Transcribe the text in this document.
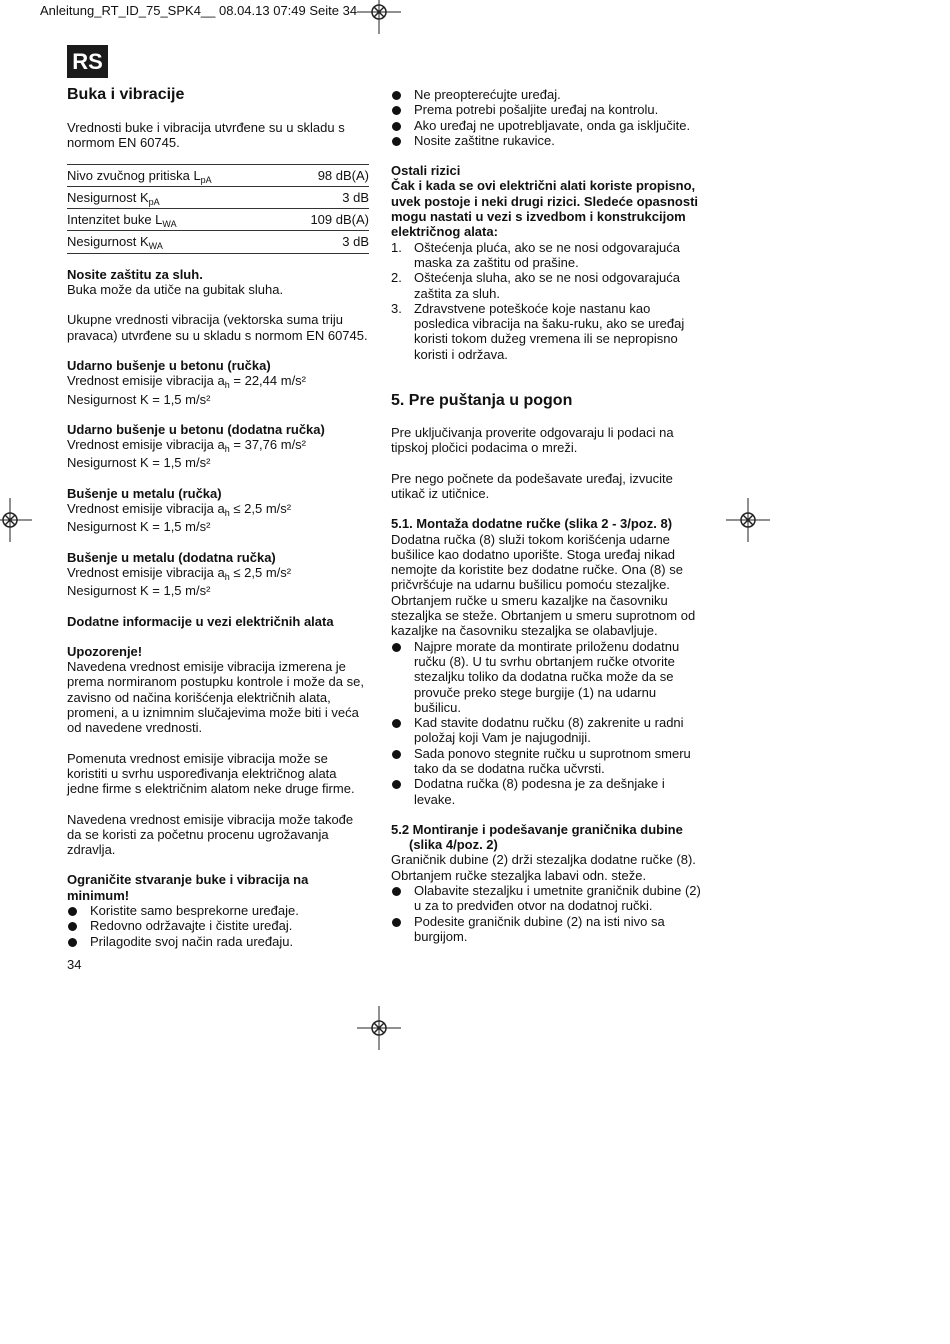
Anleitung_RT_ID_75_SPK4__ 08.04.13 07:49 Seite 34
RS
Buka i vibracije

Vrednosti buke i vibracija utvrđene su u skladu s normom EN 60745.

Nivo zvučnog pritiska $L_{pA}$	98 dB(A)
Nesigurnost $K_{pA}$	3 dB
Intenzitet buke $L_{WA}$	109 dB(A)
Nesigurnost $K_{WA}$	3 dB

Nosite zaštitu za sluh.

Buka može da utiče na gubitak sluha.

Ukupne vrednosti vibracija (vektorska suma triju pravaca) utvrđene su u skladu s normom EN 60745.

Udarno bušenje u betonu (ručka)

Vrednost emisije vibracija $a_h = 22,44$ m/s²

Nesigurnost K = 1,5 m/s²

Udarno bušenje u betonu (dodatna ručka)

Vrednost emisije vibracija $a_h = 37,76$ m/s²

Nesigurnost K = 1,5 m/s²

Bušenje u metalu (ručka)

Vrednost emisije vibracija $a_h \le 2,5$ m/s²

Nesigurnost K = 1,5 m/s²

Bušenje u metalu (dodatna ručka)

Vrednost emisije vibracija $a_h \le 2,5$ m/s²

Nesigurnost K = 1,5 m/s²

Dodatne informacije u vezi električnih alata

Upozorenje!

Navedena vrednost emisije vibracija izmerena je prema normiranom postupku kontrole i može da se, zavisno od načina korišćenja električnih alata, promeni, a u iznimnim slučajevima može biti i veća od navedene vrednosti.

Pomenuta vrednost emisije vibracija može se koristiti u svrhu uspoređivanja električnog alata jedne firme s električnim alatom neke druge firme.

Navedena vrednost emisije vibracija može takođe da se koristi za početnu procenu ugrožavanja zdravlja.

Ograničite stvaranje buke i vibracija na minimum!

Koristite samo besprekorne uređaje.
Redovno održavajte i čistite uređaj.
Prilagodite svoj način rada uređaju.
Ne preopterećujte uređaj.
Prema potrebi pošaljite uređaj na kontrolu.
Ako uređaj ne upotrebljavate, onda ga isključite.
Nosite zaštitne rukavice.

Ostali rizici

Čak i kada se ovi električni alati koriste propisno, uvek postoje i neki drugi rizici. Sledeće opasnosti mogu nastati u vezi s izvedbom i konstrukcijom električnog alata:

1. Oštećenja pluća, ako se ne nosi odgovarajuća maska za zaštitu od prašine.
2. Oštećenja sluha, ako se ne nosi odgovarajuća zaštita za sluh.
3. Zdravstvene poteškoće koje nastanu kao posledica vibracija na šaku-ruku, ako se uređaj koristi tokom dužeg vremena ili se nepropisno koristi i održava.
5. Pre puštanja u pogon

Pre uključivanja proverite odgovaraju li podaci na tipskoj pločici podacima o mreži.

Pre nego počnete da podešavate uređaj, izvucite utikač iz utičnice.

5.1. Montaža dodatne ručke (slika 2 - 3/poz. 8)

Dodatna ručka (8) služi tokom korišćenja udarne bušilice kao dodatno uporište. Stoga uređaj nikad nemojte da koristite bez dodatne ručke. Ona (8) se pričvršćuje na udarnu bušilicu pomoću stezaljke. Obrtanjem ručke u smeru kazaljke na časovniku stezaljka se steže. Obrtanjem u smeru suprotnom od kazaljke na časovniku stezaljka se olabavljuje.

Najpre morate da montirate priloženu dodatnu ručku (8). U tu svrhu obrtanjem ručke otvorite stezaljku toliko da dodatna ručka može da se provuče preko stege burgije (1) na udarnu bušilicu.
Kad stavite dodatnu ručku (8) zakrenite u radni položaj koji Vam je najugodniji.
Sada ponovo stegnite ručku u suprotnom smeru tako da se dodatna ručka učvrsti.
Dodatna ručka (8) podesna je za dešnjake i levake.

5.2 Montiranje i podešavanje graničnika dubine (slika 4/poz. 2)

Graničnik dubine (2) drži stezaljka dodatne ručke (8). Obrtanjem ručke stezaljka labavi odn. steže.

Olabavite stezaljku i umetnite graničnik dubine (2) u za to predviđen otvor na dodatnoj ručki.
Podesite graničnik dubine (2) na isti nivo sa burgijom.
34
